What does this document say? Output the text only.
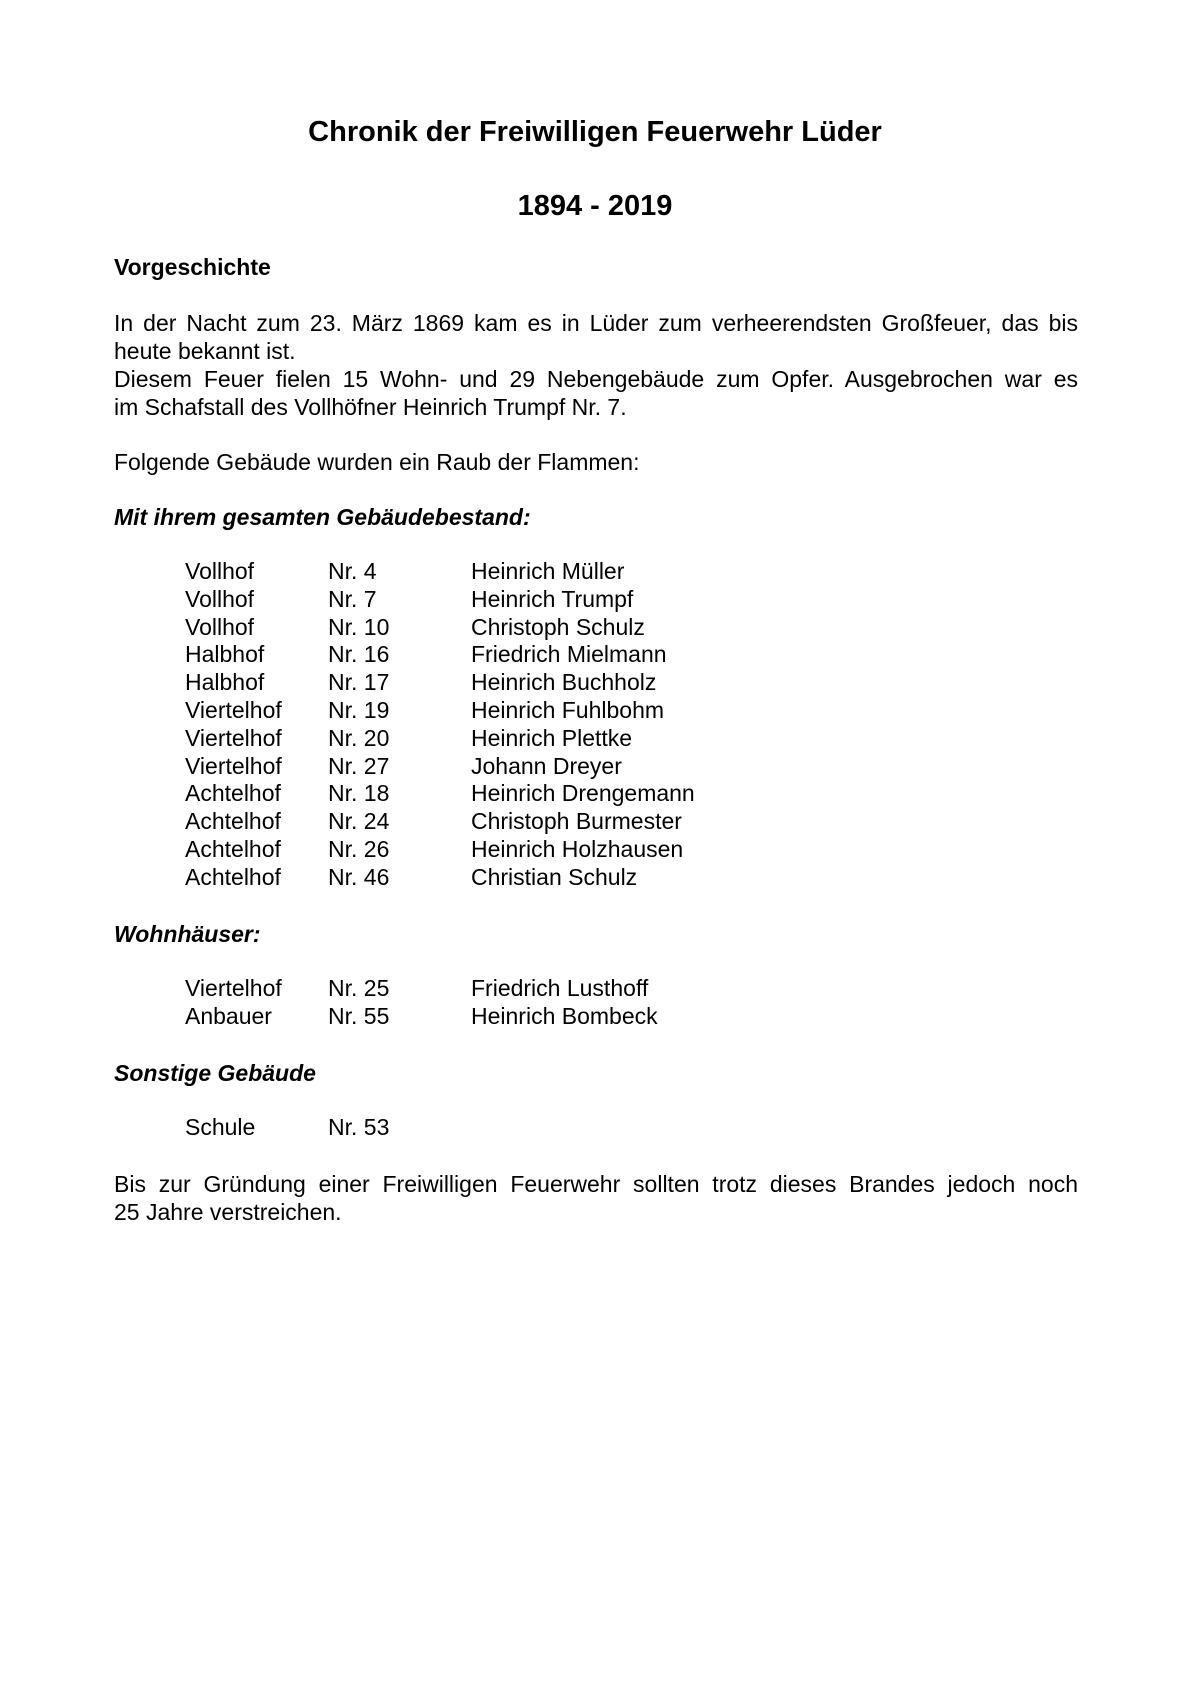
Chronik der Freiwilligen Feuerwehr Lüder
1894 - 2019

Vorgeschichte

In der Nacht zum 23. März 1869 kam es in Lüder zum verheerendsten Großfeuer, das bis
heute bekannt ist.
Diesem Feuer fielen 15 Wohn- und 29 Nebengebäude zum Opfer. Ausgebrochen war es
im Schafstall des Vollhöfner Heinrich Trumpf Nr. 7.

Folgende Gebäude wurden ein Raub der Flammen:

Mit ihrem gesamten Gebäudebestand:

Vollhof	Nr. 4	Heinrich Müller
Vollhof	Nr. 7	Heinrich Trumpf
Vollhof	Nr. 10	Christoph Schulz
Halbhof	Nr. 16	Friedrich Mielmann
Halbhof	Nr. 17	Heinrich Buchholz
Viertelhof Nr. 19	Heinrich Fuhlbohm
Viertelhof Nr. 20	Heinrich Plettke
Viertelhof Nr. 27	Johann Dreyer
Achtelhof Nr. 18	Heinrich Drengemann
Achtelhof Nr. 24	Christoph Burmester
Achtelhof Nr. 26	Heinrich Holzhausen
Achtelhof Nr. 46	Christian Schulz

Wohnhäuser:

Viertelhof Nr. 25	Friedrich Lusthoff
Anbauer Nr. 55	Heinrich Bombeck

Sonstige Gebäude

Schule	Nr. 53

Bis zur Gründung einer Freiwilligen Feuerwehr sollten trotz dieses Brandes jedoch noch
25 Jahre verstreichen.
